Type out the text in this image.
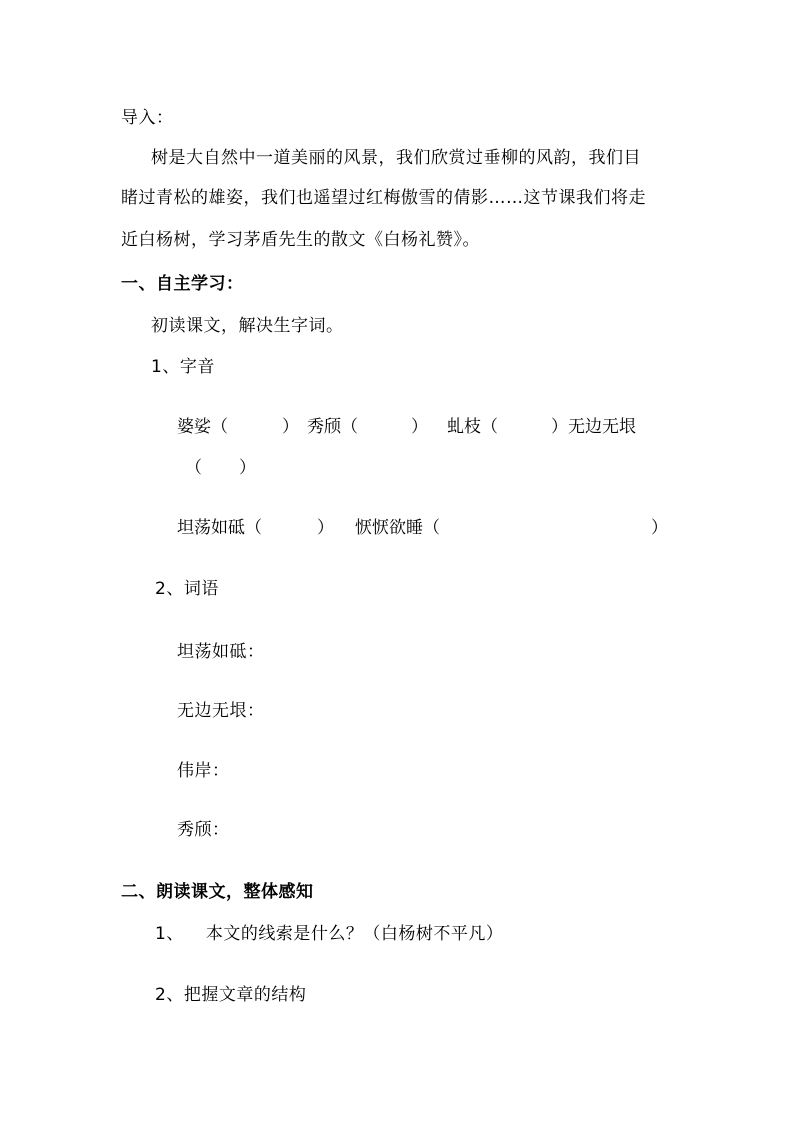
导入：
树是大自然中一道美丽的风景，我们欣赏过垂柳的风韵，我们目
睹过青松的雄姿，我们也遥望过红梅傲雪的倩影……这节课我们将走
近白杨树，学习茅盾先生的散文《白杨礼赞》。
一、自主学习：
初读课文，解决生字词。
1、字音
婆娑（	） 秀颀（	） 虬枝（	）无边无垠
（ ）
坦荡如砥（	） 恹恹欲睡（	）
2、词语
坦荡如砥：
无边无垠：
伟岸：
秀颀：
二、朗读课文，整体感知
1、 本文的线索是什么？（白杨树不平凡）
2、把握文章的结构
